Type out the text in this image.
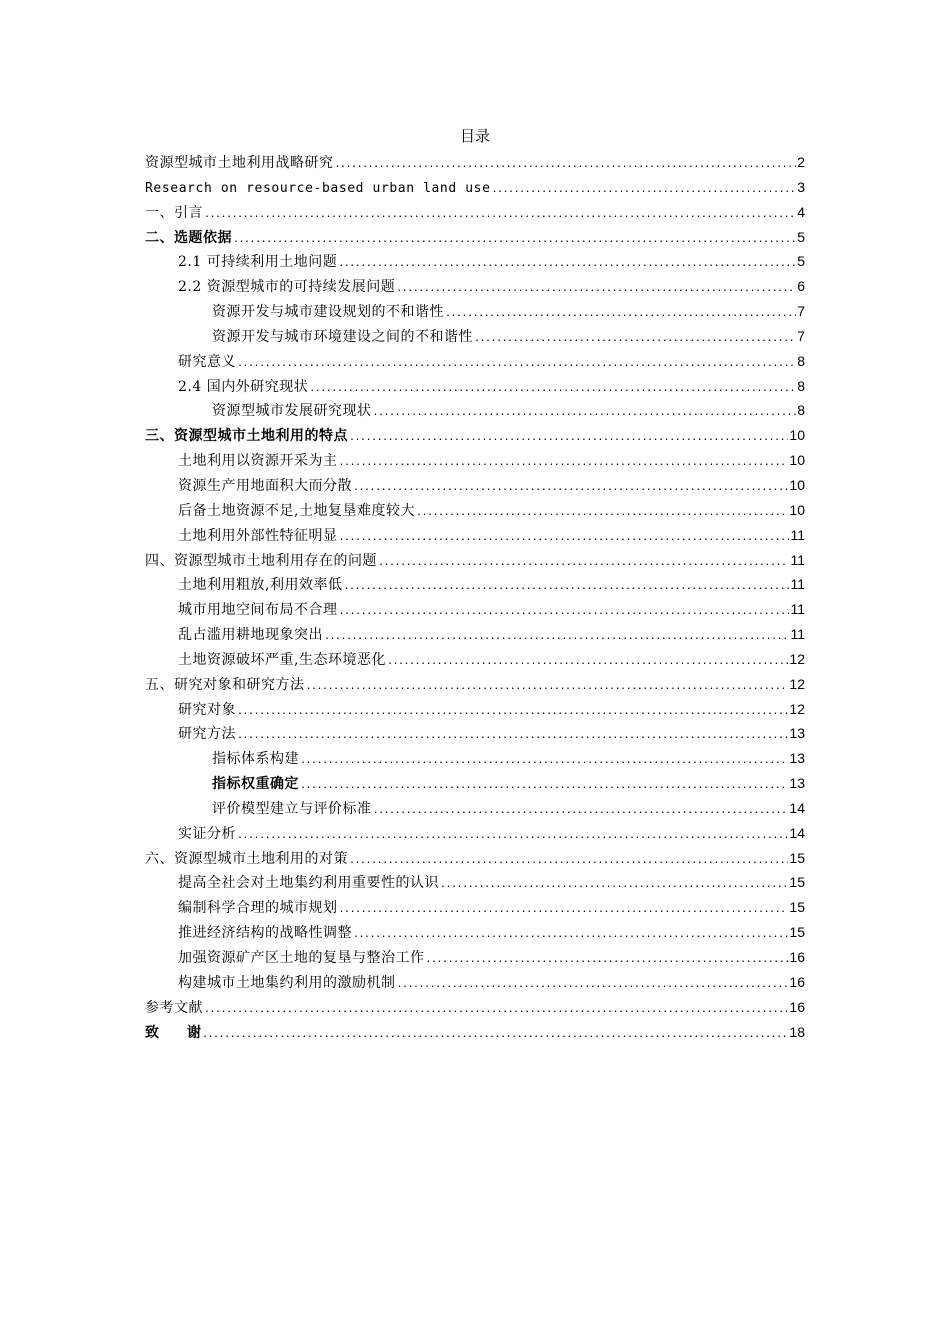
目录
资源型城市土地利用战略研究 .....	2
Research on resource-based urban land use .....	3
一、引言 .....	4
二、选题依据 .....	5
2.1 可持续利用土地问题 .....	5
2.2 资源型城市的可持续发展问题 .....	6
资源开发与城市建设规划的不和谐性 .....	7
资源开发与城市环境建设之间的不和谐性 .....	7
研究意义 .....	8
2.4 国内外研究现状 .....	8
资源型城市发展研究现状 .....	8
三、资源型城市土地利用的特点 .....	10
土地利用以资源开采为主 .....	10
资源生产用地面积大而分散 .....	10
后备土地资源不足,土地复垦难度较大 .....	10
土地利用外部性特征明显 .....	11
四、资源型城市土地利用存在的问题 .....	11
土地利用粗放,利用效率低 .....	11
城市用地空间布局不合理 .....	11
乱占滥用耕地现象突出 .....	11
土地资源破坏严重,生态环境恶化 .....	12
五、研究对象和研究方法 .....	12
研究对象 .....	12
研究方法 .....	13
指标体系构建 .....	13
指标权重确定 .....	13
评价模型建立与评价标准 .....	14
实证分析 .....	14
六、资源型城市土地利用的对策 .....	15
提高全社会对土地集约利用重要性的认识 .....	15
编制科学合理的城市规划 .....	15
推进经济结构的战略性调整 .....	15
加强资源矿产区土地的复垦与整治工作 .....	16
构建城市土地集约利用的激励机制 .....	16
参考文献 .....	16
致　　谢 .....	18
